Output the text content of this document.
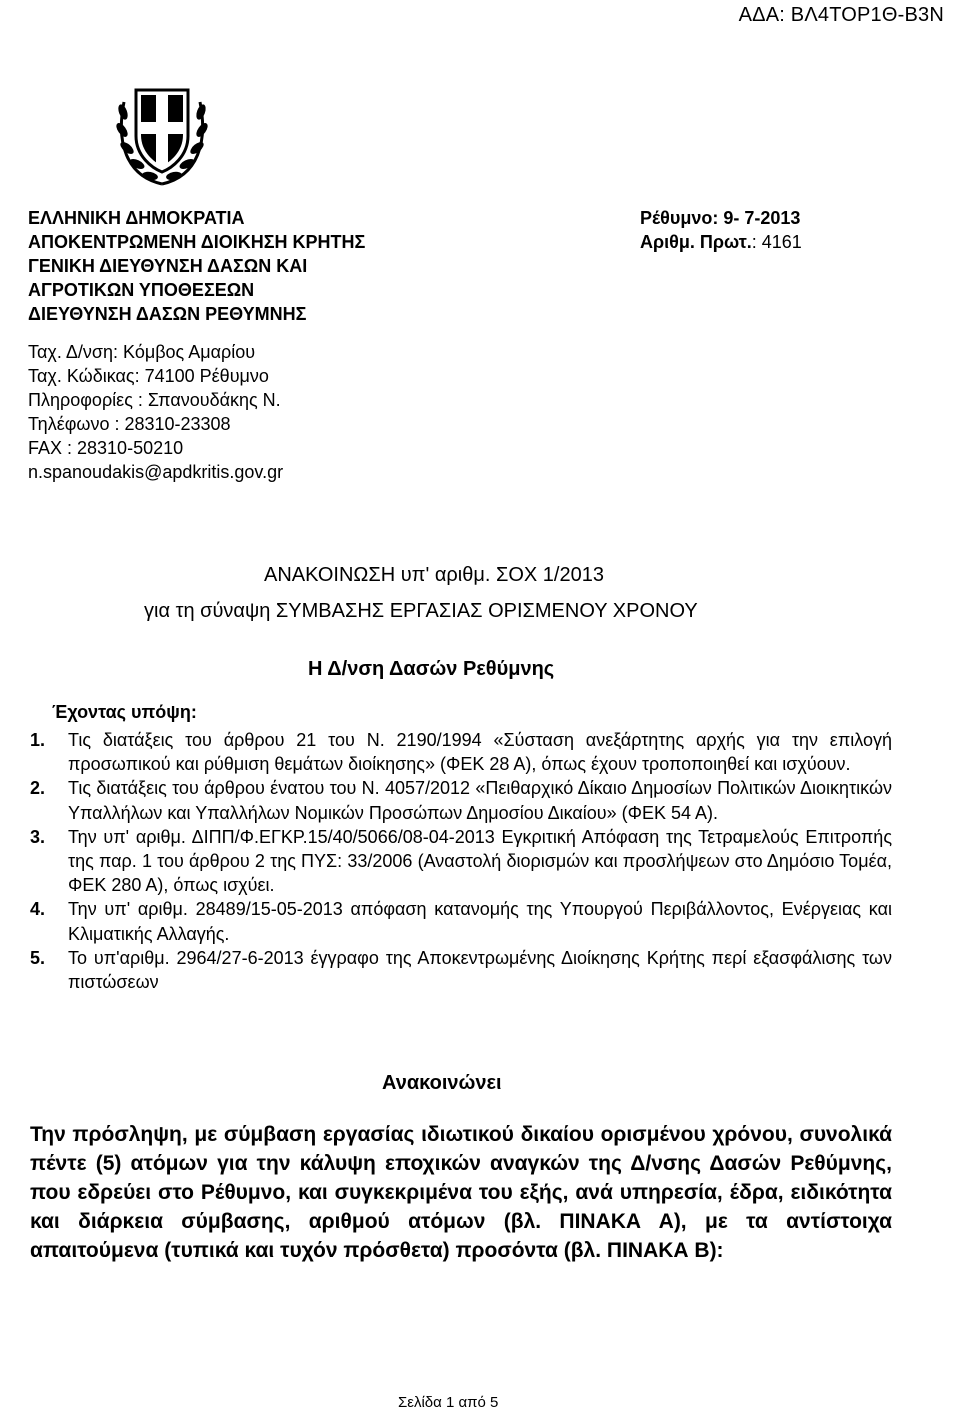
ΑΔΑ: ΒΛ4ΤΟΡ1Θ-Β3Ν
ΕΛΛΗΝΙΚΗ ΔΗΜΟΚΡΑΤΙΑ
ΑΠΟΚΕΝΤΡΩΜΕΝΗ ΔΙΟΙΚΗΣΗ ΚΡΗΤΗΣ
ΓΕΝΙΚΗ ΔΙΕΥΘΥΝΣΗ ΔΑΣΩΝ ΚΑΙ
ΑΓΡΟΤΙΚΩΝ ΥΠΟΘΕΣΕΩΝ
ΔΙΕΥΘΥΝΣΗ ΔΑΣΩΝ ΡΕΘΥΜΝΗΣ
Ρέθυμνο: 9- 7-2013
Αριθμ. Πρωτ.: 4161
Ταχ. Δ/νση: Κόμβος Αμαρίου
Ταχ. Κώδικας: 74100 Ρέθυμνο
Πληροφορίες : Σπανουδάκης Ν.
Τηλέφωνο : 28310-23308
FAX : 28310-50210
n.spanoudakis@apdkritis.gov.gr
ΑΝΑΚΟΙΝΩΣΗ υπ' αριθμ. ΣΟΧ 1/2013
για τη σύναψη ΣΥΜΒΑΣΗΣ ΕΡΓΑΣΙΑΣ ΟΡΙΣΜΕΝΟΥ ΧΡΟΝΟΥ
Η Δ/νση Δασών Ρεθύμνης
Έχοντας υπόψη:
1.	Τις διατάξεις του άρθρου 21 του Ν. 2190/1994 «Σύσταση ανεξάρτητης αρχής για την επιλογή προσωπικού και ρύθμιση θεμάτων διοίκησης» (ΦΕΚ 28 Α), όπως έχουν τροποποιηθεί και ισχύουν.
2.	Τις διατάξεις του άρθρου ένατου του Ν. 4057/2012 «Πειθαρχικό Δίκαιο Δημοσίων Πολιτικών Διοικητικών Υπαλλήλων και Υπαλλήλων Νομικών Προσώπων Δημοσίου Δικαίου» (ΦΕΚ 54 Α).
3.	Την υπ' αριθμ. ΔΙΠΠ/Φ.ΕΓΚΡ.15/40/5066/08-04-2013 Εγκριτική Απόφαση της Τετραμελούς Επιτροπής της παρ. 1 του άρθρου 2 της ΠΥΣ: 33/2006 (Αναστολή διορισμών και προσλήψεων στο Δημόσιο Τομέα, ΦΕΚ 280 Α), όπως ισχύει.
4.	Την υπ' αριθμ. 28489/15-05-2013 απόφαση κατανομής της Υπουργού Περιβάλλοντος, Ενέργειας και Κλιματικής Αλλαγής.
5.	Το υπ'αριθμ. 2964/27-6-2013 έγγραφο της Αποκεντρωμένης Διοίκησης Κρήτης περί εξασφάλισης των πιστώσεων
Ανακοινώνει
Την πρόσληψη, με σύμβαση εργασίας ιδιωτικού δικαίου ορισμένου χρόνου, συνολικά πέντε (5) ατόμων για την κάλυψη εποχικών αναγκών της Δ/νσης Δασών Ρεθύμνης, που εδρεύει στο Ρέθυμνο, και συγκεκριμένα του εξής, ανά υπηρεσία, έδρα, ειδικότητα και διάρκεια σύμβασης, αριθμού ατόμων (βλ. ΠΙΝΑΚΑ Α), με τα αντίστοιχα απαιτούμενα (τυπικά και τυχόν πρόσθετα) προσόντα (βλ. ΠΙΝΑΚΑ Β):
Σελίδα 1 από 5
